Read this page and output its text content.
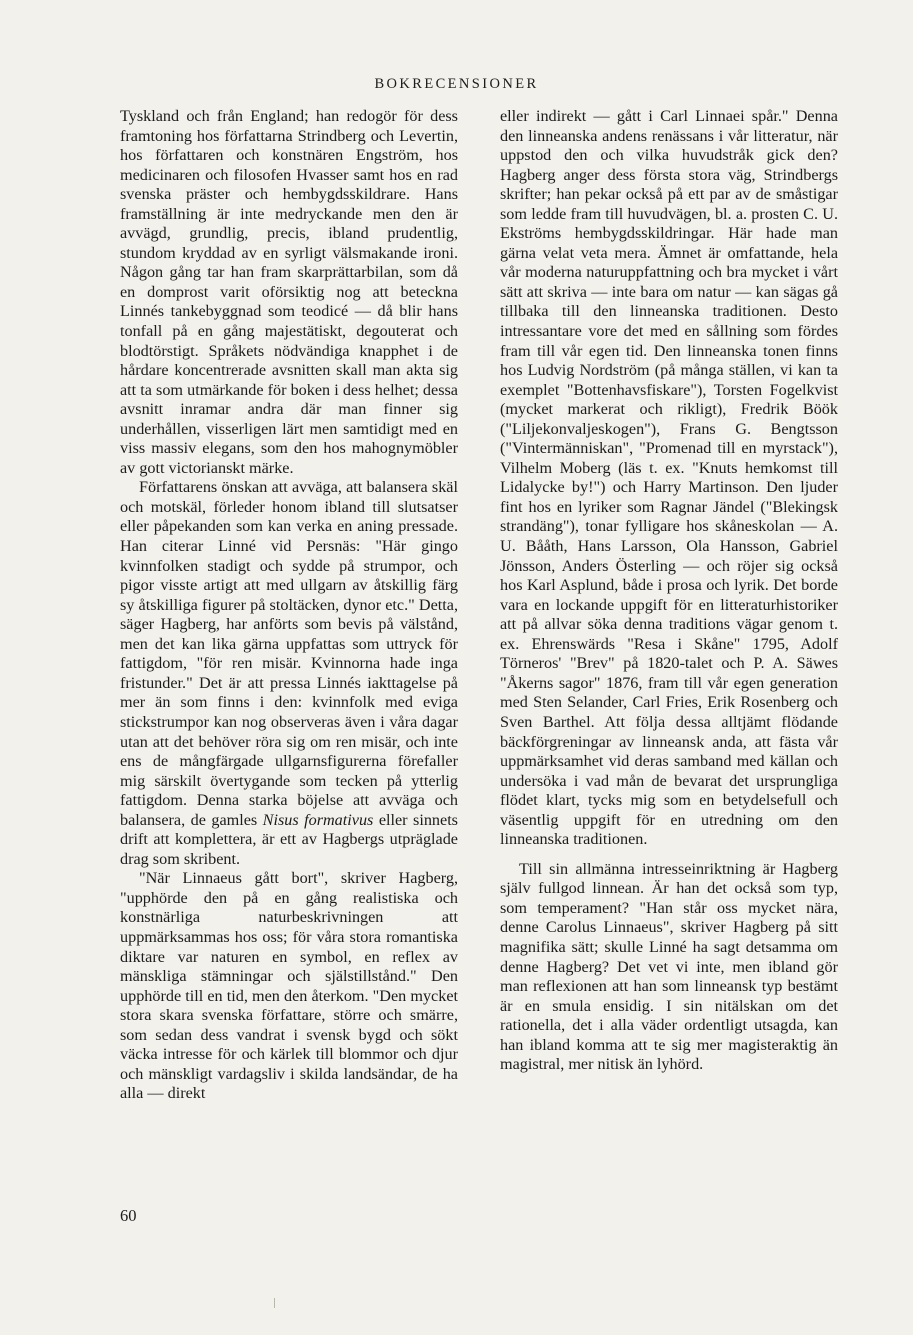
BOKRECENSIONER

Tyskland och från England; han redogör för dess framtoning hos författarna Strindberg och Levertin, hos författaren och konstnären Engström, hos medicinaren och filosofen Hvasser samt hos en rad svenska präster och hembygdsskildrare. Hans framställning är inte medryckande men den är avvägd, grundlig, precis, ibland prudentlig, stundom kryddad av en syrligt välsmakande ironi. Någon gång tar han fram skarprättarbilan, som då en domprost varit oförsiktig nog att beteckna Linnés tankebyggnad som teodicé — då blir hans tonfall på en gång majestätiskt, degouterat och blodtörstigt. Språkets nödvändiga knapphet i de hårdare koncentrerade avsnitten skall man akta sig att ta som utmärkande för boken i dess helhet; dessa avsnitt inramar andra där man finner sig underhållen, visserligen lärt men samtidigt med en viss massiv elegans, som den hos mahognymöbler av gott victorianskt märke.

Författarens önskan att avväga, att balansera skäl och motskäl, förleder honom ibland till slutsatser eller påpekanden som kan verka en aning pressade. Han citerar Linné vid Persnäs: "Här gingo kvinnfolken stadigt och sydde på strumpor, och pigor visste artigt att med ullgarn av åtskillig färg sy åtskilliga figurer på stoltäcken, dynor etc." Detta, säger Hagberg, har anförts som bevis på välstånd, men det kan lika gärna uppfattas som uttryck för fattigdom, "för ren misär. Kvinnorna hade inga fristunder." Det är att pressa Linnés iakttagelse på mer än som finns i den: kvinnfolk med eviga stickstrumpor kan nog observeras även i våra dagar utan att det behöver röra sig om ren misär, och inte ens de mångfärgade ullgarnsfigurerna förefaller mig särskilt övertygande som tecken på ytterlig fattigdom. Denna starka böjelse att avväga och balansera, de gamles Nisus formativus eller sinnets drift att komplettera, är ett av Hagbergs utpräglade drag som skribent.

"När Linnaeus gått bort", skriver Hagberg, "upphörde den på en gång realistiska och konstnärliga naturbeskrivningen att uppmärksammas hos oss; för våra stora romantiska diktare var naturen en symbol, en reflex av mänskliga stämningar och själstillstånd." Den upphörde till en tid, men den återkom. "Den mycket stora skara svenska författare, större och smärre, som sedan dess vandrat i svensk bygd och sökt väcka intresse för och kärlek till blommor och djur och mänskligt vardagsliv i skilda landsändar, de ha alla — direkt

eller indirekt — gått i Carl Linnaei spår." Denna den linneanska andens renässans i vår litteratur, när uppstod den och vilka huvudstråk gick den? Hagberg anger dess första stora väg, Strindbergs skrifter; han pekar också på ett par av de småstigar som ledde fram till huvudvägen, bl. a. prosten C. U. Ekströms hembygdsskildringar. Här hade man gärna velat veta mera. Ämnet är omfattande, hela vår moderna naturuppfattning och bra mycket i vårt sätt att skriva — inte bara om natur — kan sägas gå tillbaka till den linneanska traditionen. Desto intressantare vore det med en sållning som fördes fram till vår egen tid. Den linneanska tonen finns hos Ludvig Nordström (på många ställen, vi kan ta exemplet "Bottenhavsfiskare"), Torsten Fogelkvist (mycket markerat och rikligt), Fredrik Böök ("Liljekonvaljeskogen"), Frans G. Bengtsson ("Vintermänniskan", "Promenad till en myrstack"), Vilhelm Moberg (läs t. ex. "Knuts hemkomst till Lidalycke by!") och Harry Martinson. Den ljuder fint hos en lyriker som Ragnar Jändel ("Blekingsk strandäng"), tonar fylligare hos skåneskolan — A. U. Bååth, Hans Larsson, Ola Hansson, Gabriel Jönsson, Anders Österling — och röjer sig också hos Karl Asplund, både i prosa och lyrik. Det borde vara en lockande uppgift för en litteraturhistoriker att på allvar söka denna traditions vägar genom t. ex. Ehrenswärds "Resa i Skåne" 1795, Adolf Törneros' "Brev" på 1820-talet och P. A. Säwes "Åkerns sagor" 1876, fram till vår egen generation med Sten Selander, Carl Fries, Erik Rosenberg och Sven Barthel. Att följa dessa alltjämt flödande bäckförgreningar av linneansk anda, att fästa vår uppmärksamhet vid deras samband med källan och undersöka i vad mån de bevarat det ursprungliga flödet klart, tycks mig som en betydelsefull och väsentlig uppgift för en utredning om den linneanska traditionen.

Till sin allmänna intresseinriktning är Hagberg själv fullgod linnean. Är han det också som typ, som temperament? "Han står oss mycket nära, denne Carolus Linnaeus", skriver Hagberg på sitt magnifika sätt; skulle Linné ha sagt detsamma om denne Hagberg? Det vet vi inte, men ibland gör man reflexionen att han som linneansk typ bestämt är en smula ensidig. I sin nitälskan om det rationella, det i alla väder ordentligt utsagda, kan han ibland komma att te sig mer magisteraktig än magistral, mer nitisk än lyhörd.

60
